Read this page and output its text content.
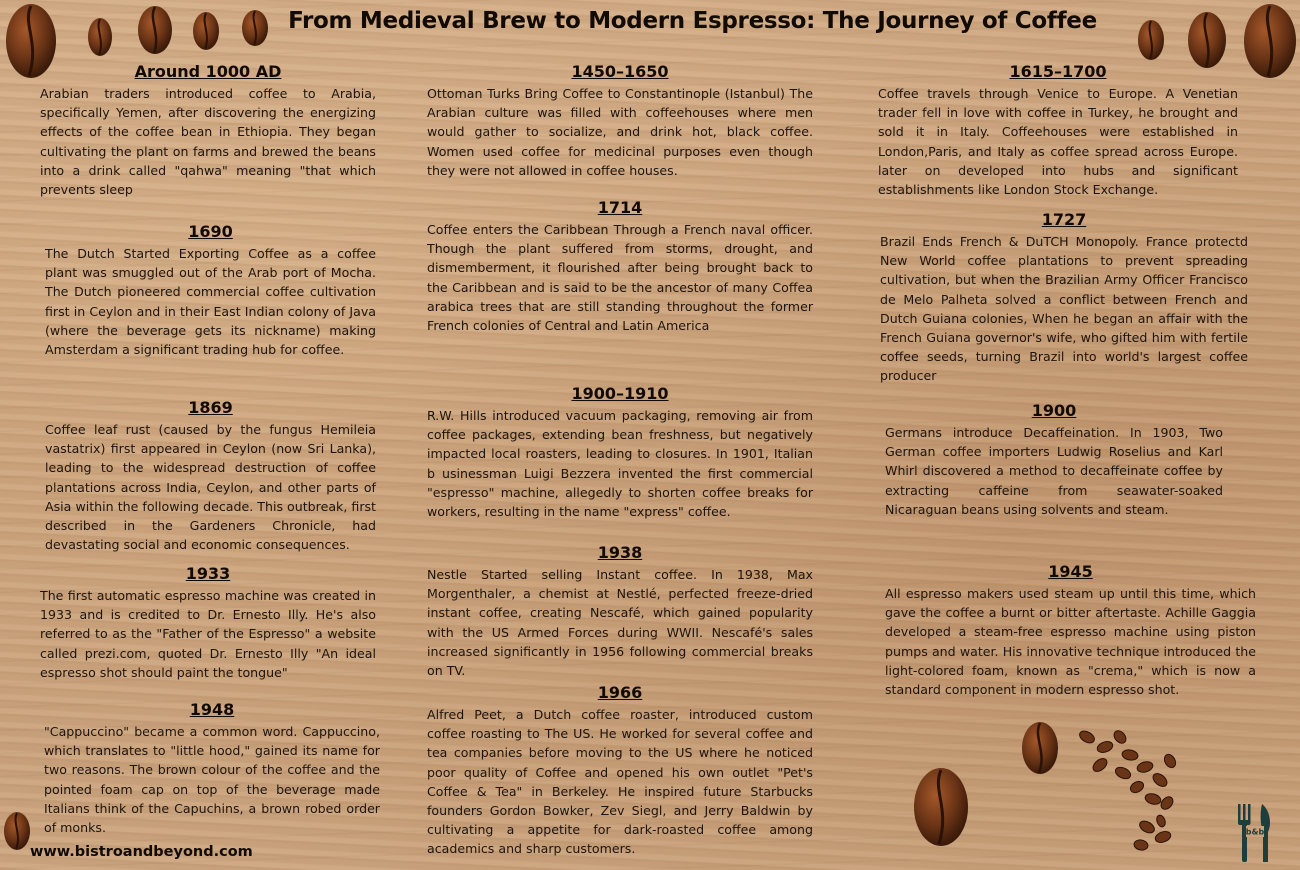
b&b
From Medieval Brew to Modern Espresso: The Journey of Coffee
Around 1000 AD

Arabian traders introduced coffee to Arabia, specifically Yemen, after discovering the energizing effects of the coffee bean in Ethiopia. They began cultivating the plant on farms and brewed the beans into a drink called "qahwa" meaning "that which prevents sleep

1690

The Dutch Started Exporting Coffee as a coffee plant was smuggled out of the Arab port of Mocha. The Dutch pioneered commercial coffee cultivation first in Ceylon and in their East Indian colony of Java (where the beverage gets its nickname) making Amsterdam a significant trading hub for coffee.

1869

Coffee leaf rust (caused by the fungus Hemileia vastatrix) first appeared in Ceylon (now Sri Lanka), leading to the widespread destruction of coffee plantations across India, Ceylon, and other parts of Asia within the following decade. This outbreak, first described in the Gardeners Chronicle, had devastating social and economic consequences.

1933

The first automatic espresso machine was created in 1933 and is credited to Dr. Ernesto Illy. He's also referred to as the "Father of the Espresso" a website called prezi.com, quoted Dr. Ernesto Illy "An ideal espresso shot should paint the tongue"

1948

"Cappuccino" became a common word. Cappuccino, which translates to "little hood," gained its name for two reasons. The brown colour of the coffee and the pointed foam cap on top of the beverage made Italians think of the Capuchins, a brown robed order of monks.

1450–1650

Ottoman Turks Bring Coffee to Constantinople (Istanbul) The Arabian culture was filled with coffeehouses where men would gather to socialize, and drink hot, black coffee. Women used coffee for medicinal purposes even though they were not allowed in coffee houses.

1714

Coffee enters the Caribbean Through a French naval officer. Though the plant suffered from storms, drought, and dismemberment, it flourished after being brought back to the Caribbean and is said to be the ancestor of many Coffea arabica trees that are still standing throughout the former French colonies of Central and Latin America

1900–1910

R.W. Hills introduced vacuum packaging, removing air from coffee packages, extending bean freshness, but negatively impacted local roasters, leading to closures. In 1901, Italian b usinessman Luigi Bezzera invented the first commercial "espresso" machine, allegedly to shorten coffee breaks for workers, resulting in the name "express" coffee.

1938

Nestle Started selling Instant coffee. In 1938, Max Morgenthaler, a chemist at Nestlé, perfected freeze-dried instant coffee, creating Nescafé, which gained popularity with the US Armed Forces during WWII. Nescafé's sales increased significantly in 1956 following commercial breaks on TV.

1966

Alfred Peet, a Dutch coffee roaster, introduced custom coffee roasting to The US. He worked for several coffee and tea companies before moving to the US where he noticed poor quality of Coffee and opened his own outlet "Pet's Coffee & Tea" in Berkeley. He inspired future Starbucks founders Gordon Bowker, Zev Siegl, and Jerry Baldwin by cultivating a appetite for dark-roasted coffee among academics and sharp customers.

1615–1700

Coffee travels through Venice to Europe. A Venetian trader fell in love with coffee in Turkey, he brought and sold it in Italy. Coffeehouses were established in London,Paris, and Italy as coffee spread across Europe. later on developed into hubs and significant establishments like London Stock Exchange.

1727

Brazil Ends French & DuTCH Monopoly. France protectd New World coffee plantations to prevent spreading cultivation, but when the Brazilian Army Officer Francisco de Melo Palheta solved a conflict between French and Dutch Guiana colonies, When he began an affair with the French Guiana governor's wife, who gifted him with fertile coffee seeds, turning Brazil into world's largest coffee producer

1900

Germans introduce Decaffeination. In 1903, Two German coffee importers Ludwig Roselius and Karl Whirl discovered a method to decaffeinate coffee by extracting caffeine from seawater-soaked Nicaraguan beans using solvents and steam.

1945

All espresso makers used steam up until this time, which gave the coffee a burnt or bitter aftertaste. Achille Gaggia developed a steam-free espresso machine using piston pumps and water. His innovative technique introduced the light-colored foam, known as "crema," which is now a standard component in modern espresso shot.

www.bistroandbeyond.com
